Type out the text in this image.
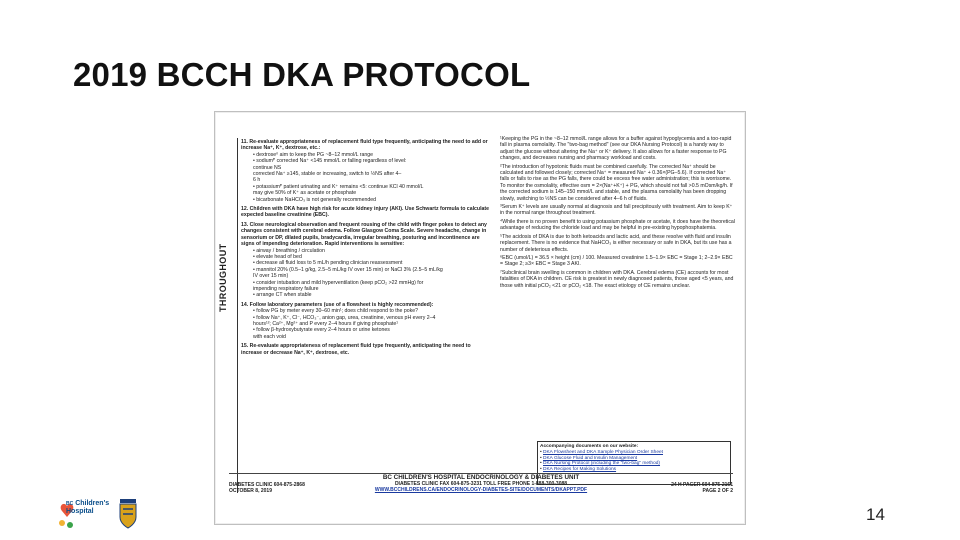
2019 BCCH DKA PROTOCOL
THROUGHOUT
11. Re-evaluate appropriateness of replacement fluid type frequently, anticipating the need to add or increase Na⁺, K⁺, dextrose, etc.:
• dextrose⁰ aim to keep the PG ~8–12 mmol/L range
• sodiumᴾ corrected Na⁺ <145 mmol/L or falling regardless of level:
continue NS
corrected Na⁺ ≥145, stable or increasing, switch to ½NS after 4–
6 h
• potassiumᴾ patient urinating and K⁺ remains <5: continue KCl 40 mmol/L
may give 50% of K⁺ as acetate or phosphate
• bicarbonate NaHCO₃ is not generally recommended
12. Children with DKA have high risk for acute kidney injury (AKI). Use Schwartz formula to calculate expected baseline creatinine (EBC).
13. Close neurological observation and frequent rousing of the child with finger pokes to detect any changes consistent with cerebral edema. Follow Glasgow Coma Scale. Severe headache, change in sensorium or DP, dilated pupils, bradycardia, irregular breathing, posturing and incontinence are signs of impending deterioration. Rapid interventions is sensitive:
• airway / breathing / circulation
• elevate head of bed
• decrease all fluid loss to 5 mL/h pending clinician reassessment
• mannitol 20% (0.5–1 g/kg, 2.5–5 mL/kg IV over 15 min) or NaCl 3% (2.5–5 mL/kg
IV over 15 min)
• consider intubation and mild hyperventilation (keep pCO₂ >22 mmHg) for
impending respiratory failure
• arrange CT when stable
14. Follow laboratory parameters (use of a flowsheet is highly recommended):
• follow PG by meter every 30–60 min¹; does child respond to the poke?
• follow Na⁺, K⁺, Cl⁻, HCO₃⁻, anion gap, urea, creatinine, venous pH every 2–4
hours¹²; Ca²⁺, Mg²⁺ and P every 2–4 hours if giving phosphate¹
• follow β-hydroxybutyrate every 2–4 hours or urine ketones
with each void
15. Re-evaluate appropriateness of replacement fluid type frequently, anticipating the need to increase or decrease Na⁺, K⁺, dextrose, etc.
¹Keeping the PG in the ~8–12 mmol/L range allows for a buffer against hypoglycemia and a too-rapid fall in plasma osmolality. The "two-bag method" (see our DKA Nursing Protocol) is a handy way to adjust the glucose without altering the Na⁺ or K⁺ delivery. It also allows for a faster response to PG changes, and decreases nursing and pharmacy workload and costs.
²The introduction of hypotonic fluids must be combined carefully. The corrected Na⁺ should be calculated and followed closely; corrected Na⁺ = measured Na⁺ + 0.36×(PG–5.6). If corrected Na⁺ falls or fails to rise as the PG falls, there could be excess free water administration; this is worrisome. To monitor the osmolality, effective osm = 2×(Na⁺+K⁺) + PG, which should not fall >0.5 mOsm/kg/h. If the corrected sodium is 145–150 mmol/L and stable, and the plasma osmolality has been dropping slowly, switching to ½NS can be considered after 4–6 h of fluids.
³Serum K⁺ levels are usually normal at diagnosis and fall precipitously with treatment. Aim to keep K⁺ in the normal range throughout treatment.
⁴While there is no proven benefit to using potassium phosphate or acetate, it does have the theoretical advantage of reducing the chloride load and may be helpful in pre-existing hypophosphatemia.
⁵The acidosis of DKA is due to both ketoacids and lactic acid, and these resolve with fluid and insulin replacement. There is no evidence that NaHCO₃ is either necessary or safe in DKA, but its use has a number of deleterious effects.
⁶EBC (umol/L) = 36.5 × height (cm) / 100. Measured creatinine 1.5–1.9× EBC = Stage 1; 2–2.9× EBC = Stage 2; ≥3× EBC = Stage 3 AKI.
⁷Subclinical brain swelling is common in children with DKA. Cerebral edema (CE) accounts for most fatalities of DKA in children. CE risk is greatest in newly diagnosed patients, those aged <5 years, and those with initial pCO₂ <21 or pCO₂ <18. The exact etiology of CE remains unclear.
Accompanying documents on our website:
• DKA Flowsheet and DKA Sample Physician Order Sheet
• DKA Glucose Fluid and Insulin Management
• DKA Nursing Protocol (including the "two-bag" method)
• DKA Recipes for Making Solutions
DIABETES CLINIC 604-875-2868
OCTOBER 8, 2019
BC CHILDREN'S HOSPITAL ENDOCRINOLOGY & DIABETES UNIT
DIABETES CLINIC FAX 604-875-3231 TOLL FREE PHONE 1-888-300-3088
WWW.BCCHILDRENS.CA/ENDOCRINOLOGY-DIABETES-SITE/DOCUMENTS/DKAPPT.PDF
24 H PAGER 604-875-2161
PAGE 2 OF 2
BC Children's
Hospital	14
